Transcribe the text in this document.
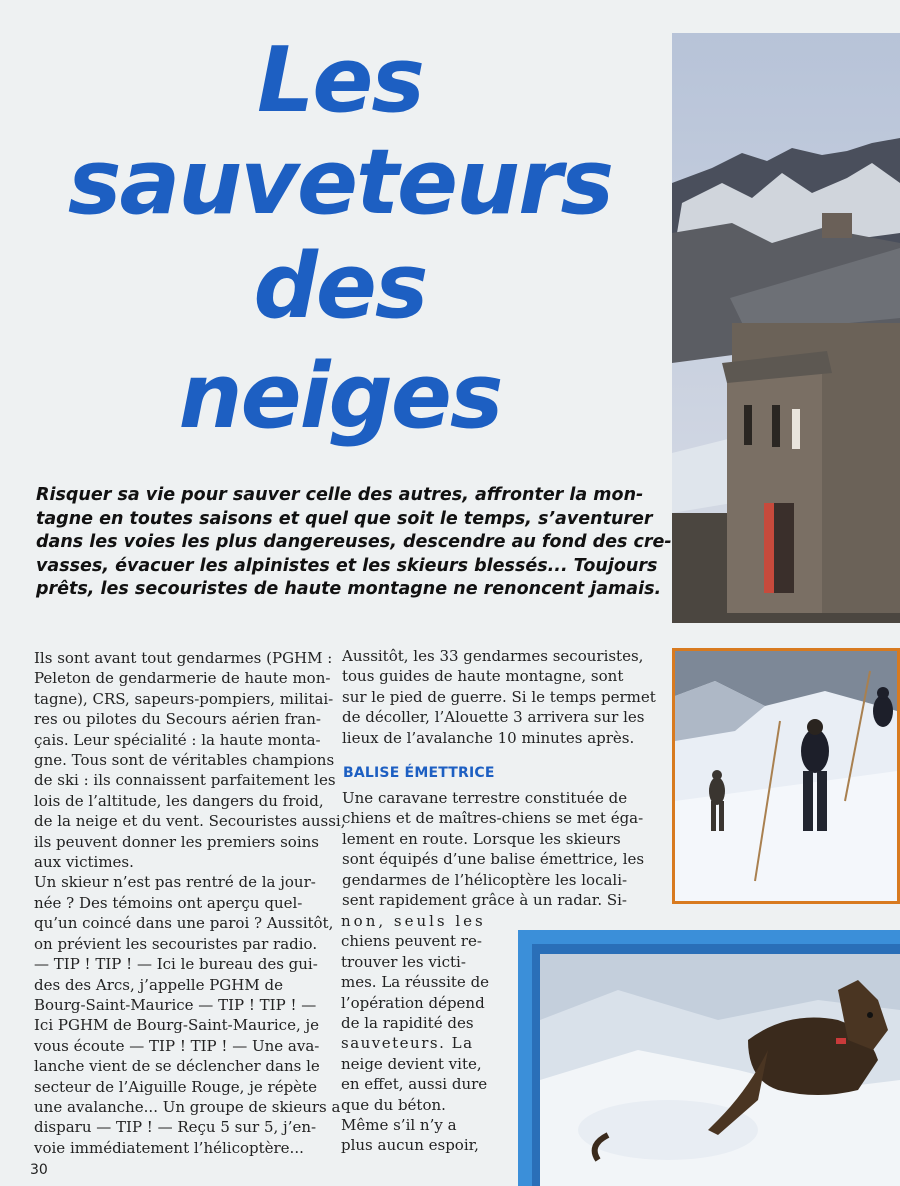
Les
sauveteurs
des
neiges

Risquer sa vie pour sauver celle des autres, affronter la mon-
tagne en toutes saisons et quel que soit le temps, s’aventurer
dans les voies les plus dangereuses, descendre au fond des cre-
vasses, évacuer les alpinistes et les skieurs blessés... Toujours
prêts, les secouristes de haute montagne ne renoncent jamais.

Ils sont avant tout gendarmes (PGHM :
Peleton de gendarmerie de haute mon-
tagne), CRS, sapeurs-pompiers, militai-
res ou pilotes du Secours aérien fran-
çais. Leur spécialité : la haute monta-
gne. Tous sont de véritables champions
de ski : ils connaissent parfaitement les
lois de l’altitude, les dangers du froid,
de la neige et du vent. Secouristes aussi,
ils peuvent donner les premiers soins
aux victimes.
Un skieur n’est pas rentré de la jour-
née ? Des témoins ont aperçu quel-
qu’un coincé dans une paroi ? Aussitôt,
on prévient les secouristes par radio.
— TIP ! TIP ! — Ici le bureau des gui-
des des Arcs, j’appelle PGHM de
Bourg-Saint-Maurice — TIP ! TIP ! —
Ici PGHM de Bourg-Saint-Maurice, je
vous écoute — TIP ! TIP ! — Une ava-
lanche vient de se déclencher dans le
secteur de l’Aiguille Rouge, je répète
une avalanche... Un groupe de skieurs a
disparu — TIP ! — Reçu 5 sur 5, j’en-
voie immédiatement l’hélicoptère...
Aussitôt, les 33 gendarmes secouristes,
tous guides de haute montagne, sont
sur le pied de guerre. Si le temps permet
de décoller, l’Alouette 3 arrivera sur les
lieux de l’avalanche 10 minutes après.
BALISE ÉMETTRICE
Une caravane terrestre constituée de
chiens et de maîtres-chiens se met éga-
lement en route. Lorsque les skieurs
sont équipés d’une balise émettrice, les
gendarmes de l’hélicoptère les locali-
sent rapidement grâce à un radar. Si-
non, seuls les
chiens peuvent re-
trouver les victi-
mes. La réussite de
l’opération dépend
de la rapidité des
sauveteurs. La
neige devient vite,
en effet, aussi dure
que du béton.
Même s’il n’y a
plus aucun espoir,
30
